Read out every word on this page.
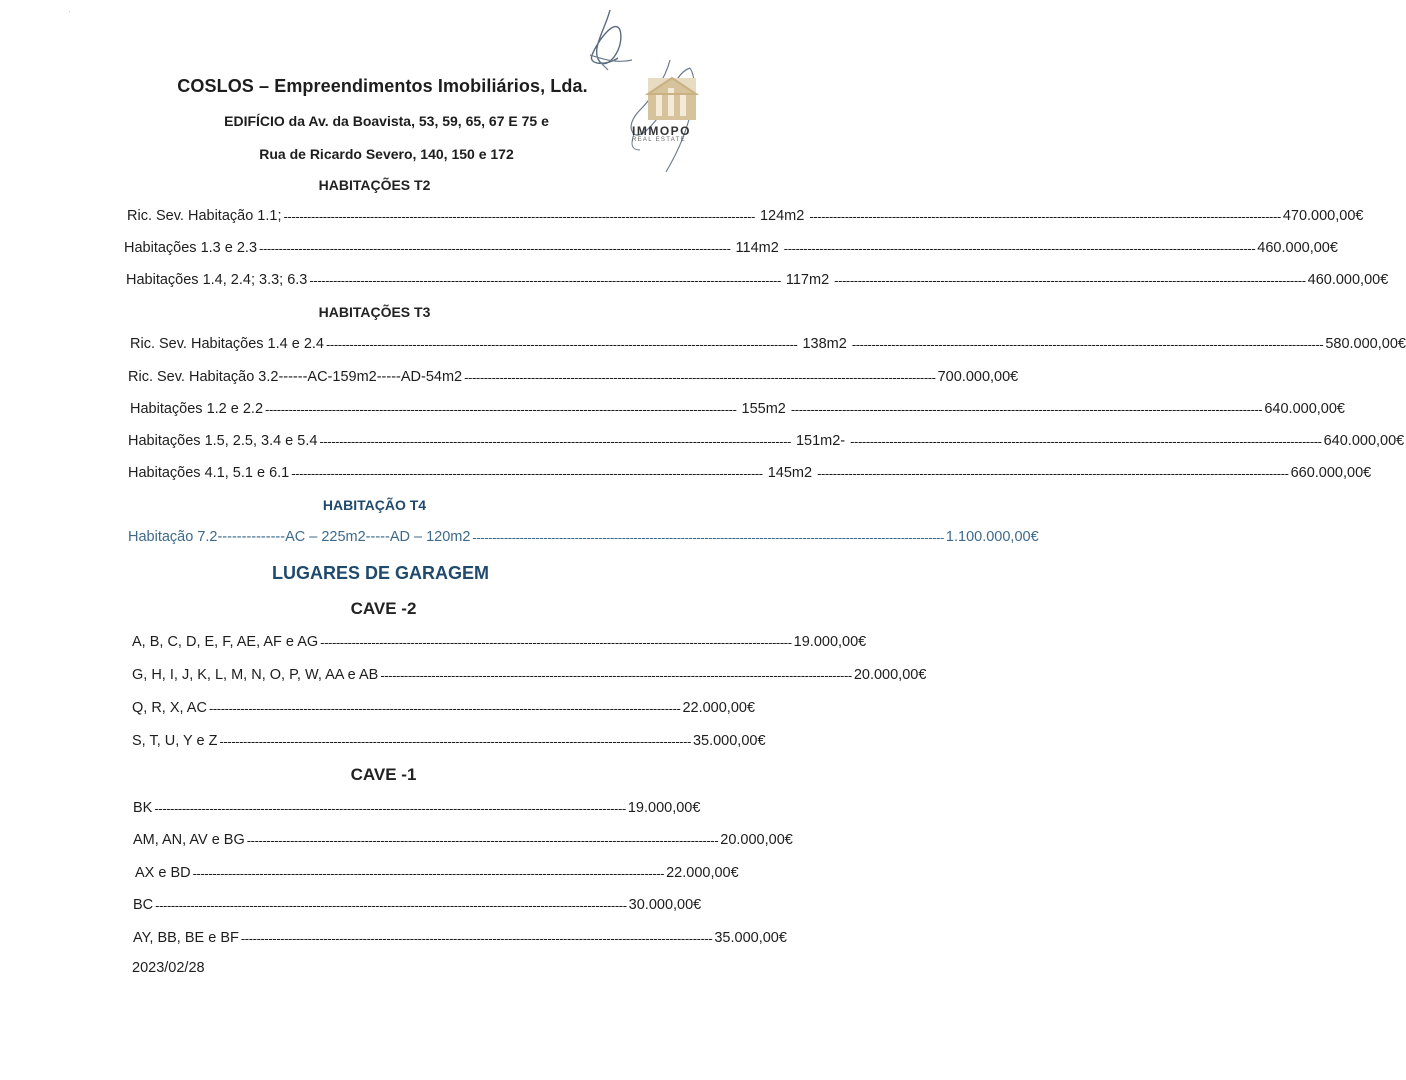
·
IMMOPO
REAL ESTATE
COSLOS – Empreendimentos Imobiliários, Lda.
EDIFÍCIO da Av. da Boavista, 53, 59, 65, 67 E 75 e
Rua de Ricardo Severo, 140, 150 e 172
HABITAÇÕES T2
Ric. Sev. Habitação 1.1; ------------------------------------------------------------------------------------------------------------------------ 124m2 ------------------------------------------------------------------------------------------------------------------------ 470.000,00€
Habitações 1.3 e 2.3 ------------------------------------------------------------------------------------------------------------------------ 114m2 ------------------------------------------------------------------------------------------------------------------------ 460.000,00€
Habitações 1.4, 2.4; 3.3; 6.3 ------------------------------------------------------------------------------------------------------------------------ 117m2 ------------------------------------------------------------------------------------------------------------------------ 460.000,00€
HABITAÇÕES T3
Ric. Sev. Habitações 1.4 e 2.4 ------------------------------------------------------------------------------------------------------------------------ 138m2 ------------------------------------------------------------------------------------------------------------------------ 580.000,00€
Ric. Sev. Habitação 3.2------AC-159m2-----AD-54m2 ------------------------------------------------------------------------------------------------------------------------ 700.000,00€
Habitações 1.2 e 2.2 ------------------------------------------------------------------------------------------------------------------------ 155m2 ------------------------------------------------------------------------------------------------------------------------ 640.000,00€
Habitações 1.5, 2.5, 3.4 e 5.4 ------------------------------------------------------------------------------------------------------------------------ 151m2- ------------------------------------------------------------------------------------------------------------------------ 640.000,00€
Habitações 4.1, 5.1 e 6.1 ------------------------------------------------------------------------------------------------------------------------ 145m2 ------------------------------------------------------------------------------------------------------------------------ 660.000,00€
HABITAÇÃO T4
Habitação 7.2--------------AC – 225m2-----AD – 120m2 ------------------------------------------------------------------------------------------------------------------------ 1.100.000,00€
LUGARES DE GARAGEM
CAVE -2
A, B, C, D, E, F, AE, AF e AG ------------------------------------------------------------------------------------------------------------------------ 19.000,00€
G, H, I, J, K, L, M, N, O, P, W, AA e AB ------------------------------------------------------------------------------------------------------------------------ 20.000,00€
Q, R, X, AC ------------------------------------------------------------------------------------------------------------------------ 22.000,00€
S, T, U, Y e Z ------------------------------------------------------------------------------------------------------------------------ 35.000,00€
CAVE -1
BK ------------------------------------------------------------------------------------------------------------------------ 19.000,00€
AM, AN, AV e BG ------------------------------------------------------------------------------------------------------------------------ 20.000,00€
AX e BD ------------------------------------------------------------------------------------------------------------------------ 22.000,00€
BC ------------------------------------------------------------------------------------------------------------------------ 30.000,00€
AY, BB, BE e BF ------------------------------------------------------------------------------------------------------------------------ 35.000,00€
2023/02/28
